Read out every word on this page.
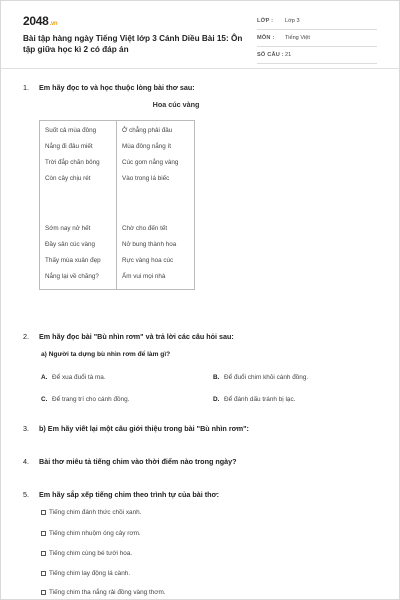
2048.vn
Bài tập hàng ngày Tiếng Việt lớp 3 Cánh Diều Bài 15: Ôn tập giữa học kì 2 có đáp án
LỚP : Lớp 3
MÔN : Tiếng Việt
SỐ CÂU : 21
1. Em hãy đọc to và học thuộc lòng bài thơ sau:
Hoa cúc vàng
Suốt cả mùa đông	Ở chẳng phải đâu
Nắng đi đâu miết	Mùa đông nắng ít
Trời đắp chăn bông	Cúc gom nắng vàng
Còn cây chịu rét	Vào trong lá biếc
Sớm nay nở hết	Chờ cho đến tết
Đầy sân cúc vàng	Nở bung thành hoa
Thấy mùa xuân đẹp	Rực vàng hoa cúc
Nắng lại về chăng?	Ấm vui mọi nhà
2. Em hãy đọc bài "Bù nhìn rơm" và trả lời các câu hỏi sau:
a) Người ta dựng bù nhìn rơm để làm gì?
A. Để xua đuổi tà ma.	B. Để đuổi chim khỏi cánh đồng.
C. Để trang trí cho cánh đồng.	D. Để đánh dấu tránh bị lạc.
3. b) Em hãy viết lại một câu giới thiệu trong bài "Bù nhìn rơm":
4. Bài thơ miêu tả tiếng chim vào thời điểm nào trong ngày?
5. Em hãy sắp xếp tiếng chim theo trình tự của bài thơ:
Tiếng chim đánh thức chồi xanh.
Tiếng chim nhuộm óng cây rơm.
Tiếng chim cùng bé tưới hoa.
Tiếng chim lay động lá cành.
Tiếng chim tha nắng rải đồng vàng thơm.
